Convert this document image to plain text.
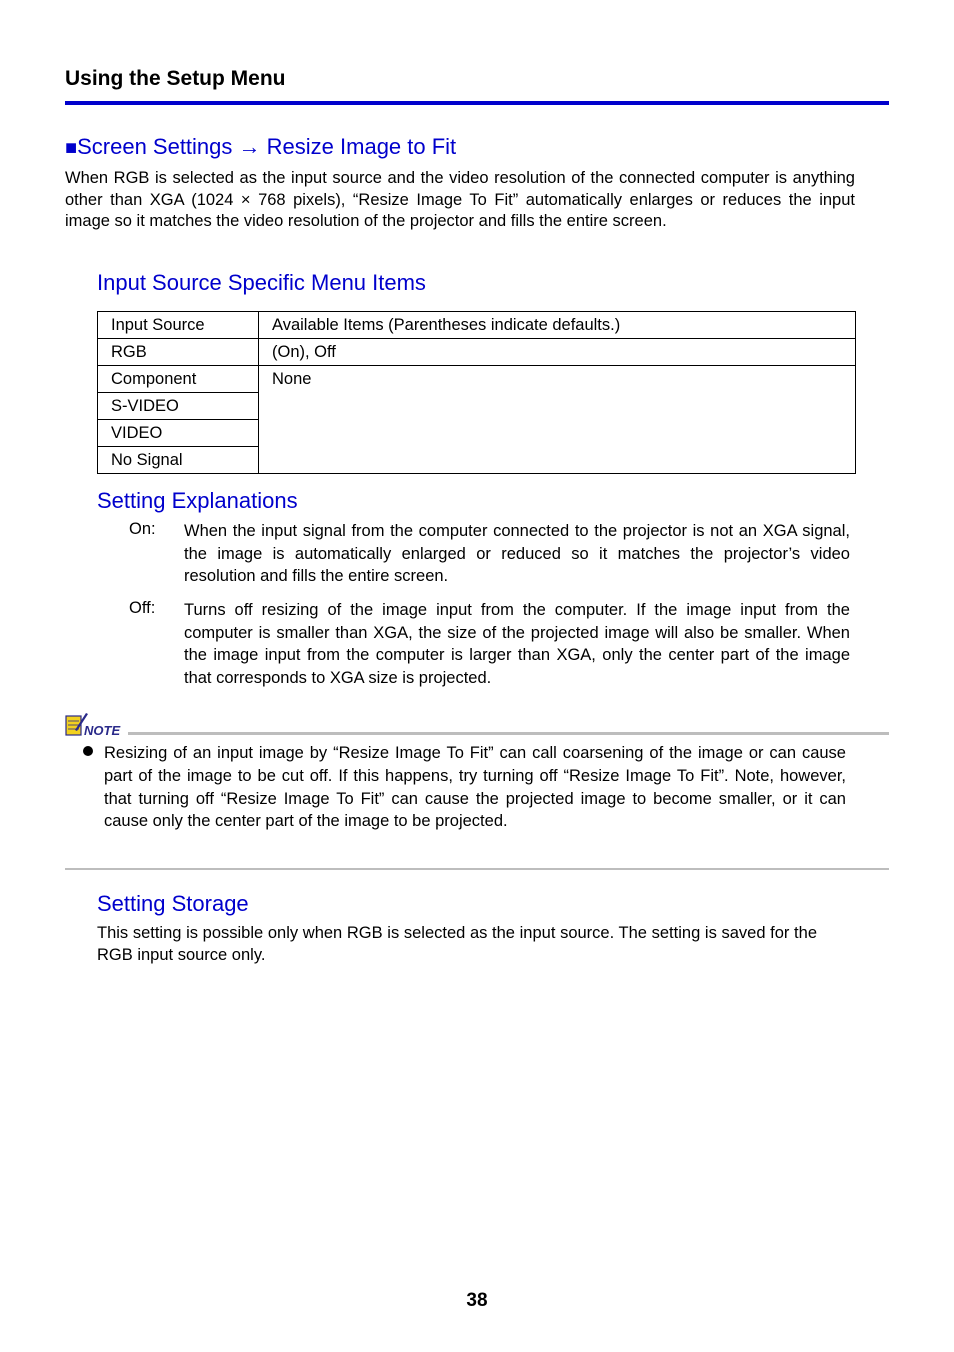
Using the Setup Menu
■Screen Settings → Resize Image to Fit
When RGB is selected as the input source and the video resolution of the connected computer is anything other than XGA (1024 × 768 pixels), “Resize Image To Fit” automatically enlarges or reduces the input image so it matches the video resolution of the projector and fills the entire screen.
Input Source Specific Menu Items
Input Source	Available Items (Parentheses indicate defaults.)
RGB	(On), Off
Component	None
S-VIDEO	
VIDEO	
No Signal	
Setting Explanations
On: When the input signal from the computer connected to the projector is not an XGA signal, the image is automatically enlarged or reduced so it matches the projector’s video resolution and fills the entire screen.
Off: Turns off resizing of the image input from the computer. If the image input from the computer is smaller than XGA, the size of the projected image will also be smaller. When the image input from the computer is larger than XGA, only the center part of the image that corresponds to XGA size is projected.
NOTE
Resizing of an input image by “Resize Image To Fit” can call coarsening of the image or can cause part of the image to be cut off. If this happens, try turning off “Resize Image To Fit”. Note, however, that turning off “Resize Image To Fit” can cause the projected image to become smaller, or it can cause only the center part of the image to be projected.
Setting Storage
This setting is possible only when RGB is selected as the input source. The setting is saved for the RGB input source only.
38
